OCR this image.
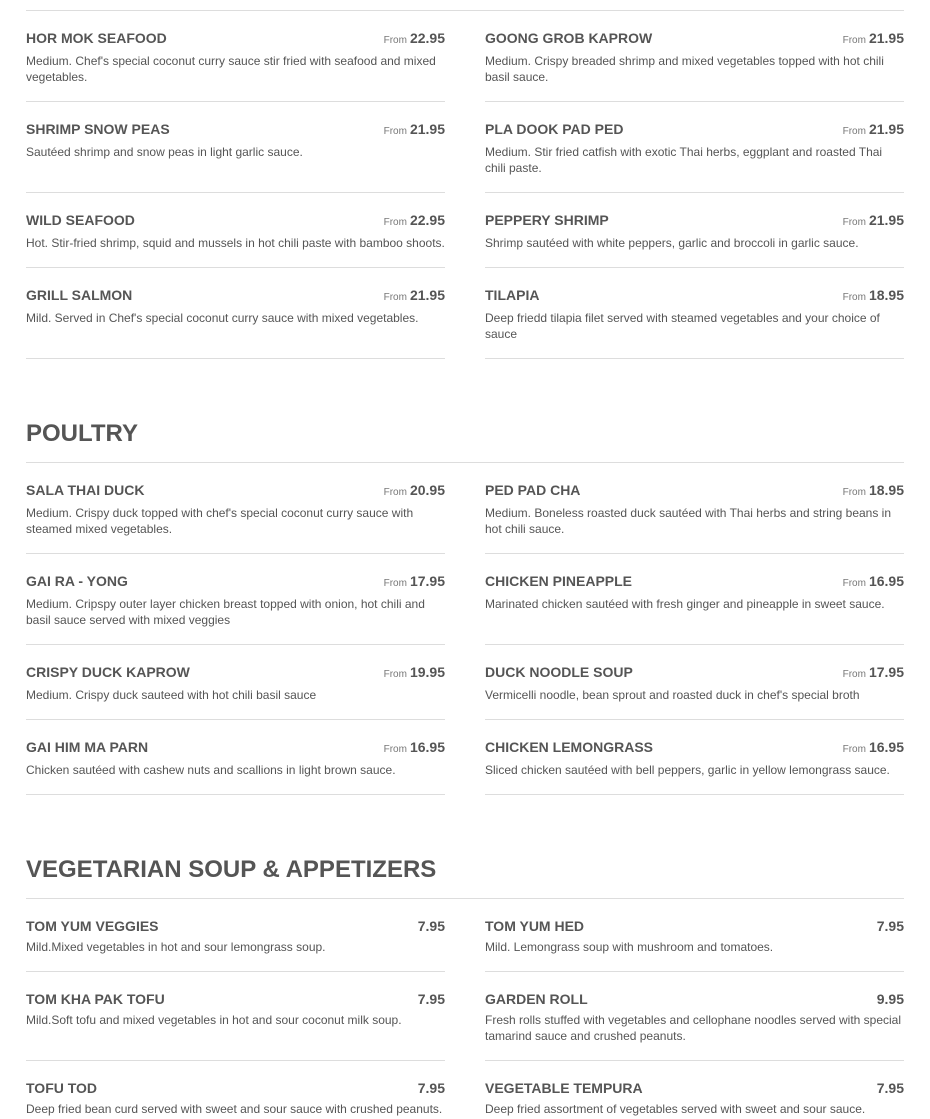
HOR MOK SEAFOOD	From 22.95
Medium. Chef's special coconut curry sauce stir fried with seafood and mixed vegetables.
GOONG GROB KAPROW	From 21.95
Medium. Crispy breaded shrimp and mixed vegetables topped with hot chili basil sauce.
SHRIMP SNOW PEAS	From 21.95
Sautéed shrimp and snow peas in light garlic sauce.
PLA DOOK PAD PED	From 21.95
Medium. Stir fried catfish with exotic Thai herbs, eggplant and roasted Thai chili paste.
WILD SEAFOOD	From 22.95
Hot. Stir-fried shrimp, squid and mussels in hot chili paste with bamboo shoots.
PEPPERY SHRIMP	From 21.95
Shrimp sautéed with white peppers, garlic and broccoli in garlic sauce.
GRILL SALMON	From 21.95
Mild. Served in Chef's special coconut curry sauce with mixed vegetables.
TILAPIA	From 18.95
Deep friedd tilapia filet served with steamed vegetables and your choice of sauce
POULTRY
SALA THAI DUCK	From 20.95
Medium. Crispy duck topped with chef's special coconut curry sauce with steamed mixed vegetables.
PED PAD CHA	From 18.95
Medium. Boneless roasted duck sautéed with Thai herbs and string beans in hot chili sauce.
GAI RA - YONG	From 17.95
Medium. Cripspy outer layer chicken breast topped with onion, hot chili and basil sauce served with mixed veggies
CHICKEN PINEAPPLE	From 16.95
Marinated chicken sautéed with fresh ginger and pineapple in sweet sauce.
CRISPY DUCK KAPROW	From 19.95
Medium. Crispy duck sauteed with hot chili basil sauce
DUCK NOODLE SOUP	From 17.95
Vermicelli noodle, bean sprout and roasted duck in chef's special broth
GAI HIM MA PARN	From 16.95
Chicken sautéed with cashew nuts and scallions in light brown sauce.
CHICKEN LEMONGRASS	From 16.95
Sliced chicken sautéed with bell peppers, garlic in yellow lemongrass sauce.
VEGETARIAN SOUP & APPETIZERS
TOM YUM VEGGIES	7.95
Mild.Mixed vegetables in hot and sour lemongrass soup.
TOM YUM HED	7.95
Mild. Lemongrass soup with mushroom and tomatoes.
TOM KHA PAK TOFU	7.95
Mild.Soft tofu and mixed vegetables in hot and sour coconut milk soup.
GARDEN ROLL	9.95
Fresh rolls stuffed with vegetables and cellophane noodles served with special tamarind sauce and crushed peanuts.
TOFU TOD	7.95
Deep fried bean curd served with sweet and sour sauce with crushed peanuts.
VEGETABLE TEMPURA	7.95
Deep fried assortment of vegetables served with sweet and sour sauce.
